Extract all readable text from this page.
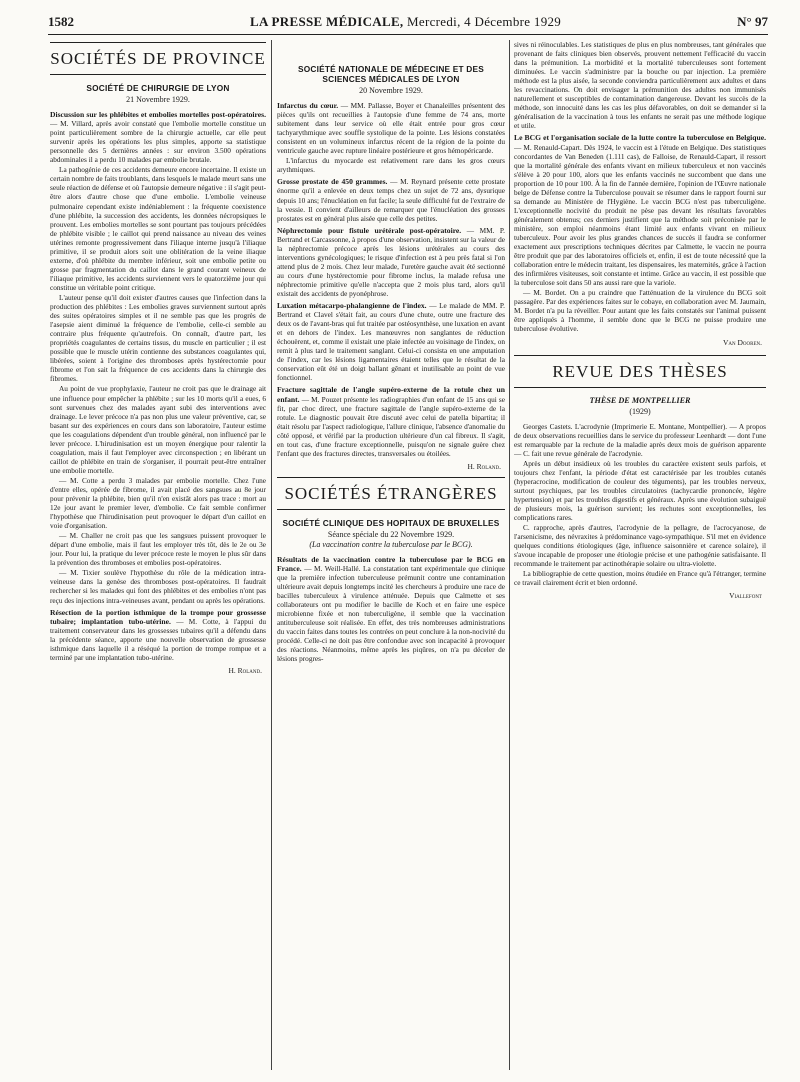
1582	LA PRESSE MÉDICALE, Mercredi, 4 Décembre 1929	N° 97
SOCIÉTÉS DE PROVINCE
SOCIÉTÉ DE CHIRURGIE DE LYON
21 Novembre 1929.

Discussion sur les phlébites et embolies mortelles post-opératoires. — M. Villard, après avoir constaté que l'embolie mortelle constitue un point particulièrement sombre de la chirurgie actuelle, car elle peut survenir après les opérations les plus simples, apporte sa statistique personnelle des 5 dernières années : sur environ 3.500 opérations abdominales il a perdu 10 malades par embolie brutale.

La pathogénie de ces accidents demeure encore incertaine. Il existe un certain nombre de faits troublants, dans lesquels le malade meurt sans une seule réaction de défense et où l'autopsie demeure négative : il s'agit peut-être alors d'autre chose que d'une embolie. L'embolie veineuse pulmonaire cependant existe indéniablement : la fréquente coexistence d'une phlébite, la succession des accidents, les données nécropsiques le prouvent. Les embolies mortelles se sont pourtant pas toujours précédées de phlébite visible ; le caillot qui prend naissance au niveau des veines utérines remonte progressivement dans l'iliaque interne jusqu'à l'iliaque primitive, il se produit alors soit une oblitération de la veine iliaque externe, d'où phlébite du membre inférieur, soit une embolie petite ou grosse par fragmentation du caillot dans le grand courant veineux de l'iliaque primitive, les accidents surviennent vers le quatorzième jour qui constitue un véritable point critique.

L'auteur pense qu'il doit exister d'autres causes que l'infection dans la production des phlébites : Les embolies graves surviennent surtout après des suites opératoires simples et il ne semble pas que les progrès de l'asepsie aient diminué la fréquence de l'embolie, celle-ci semble au contraire plus fréquente qu'autrefois. On connaît, d'autre part, les propriétés coagulantes de certains tissus, du muscle en particulier ; il est possible que le muscle utérin contienne des substances coagulantes qui, libérées, soient à l'origine des thromboses après hystérectomie pour fibrome et l'on sait la fréquence de ces accidents dans la chirurgie des fibromes.

Au point de vue prophylaxie, l'auteur ne croit pas que le drainage ait une influence pour empêcher la phlébite ; sur les 10 morts qu'il a eues, 6 sont survenues chez des malades ayant subi des interventions avec drainage. Le lever précoce n'a pas non plus une valeur préventive, car, se basant sur des expériences en cours dans son laboratoire, l'auteur estime que les coagulations dépendent d'un trouble général, non influencé par le lever précoce. L'hirudinisation est un moyen énergique pour ralentir la coagulation, mais il faut l'employer avec circonspection ; en libérant un caillot de phlébite en train de s'organiser, il pourrait peut-être entraîner une embolie mortelle.

— M. Cotte a perdu 3 malades par embolie mortelle. Chez l'une d'entre elles, opérée de fibrome, il avait placé des sangsues au 8e jour pour prévenir la phlébite, bien qu'il n'en existât alors pas trace : mort au 12e jour avant le premier lever, d'embolie. Ce fait semble confirmer l'hypothèse que l'hirudinisation peut provoquer le départ d'un caillot en voie d'organisation.

— M. Challer ne croit pas que les sangsues puissent provoquer le départ d'une embolie, mais il faut les employer très tôt, dès le 2e ou 3e jour. Pour lui, la pratique du lever précoce reste le moyen le plus sûr dans la prévention des thromboses et embolies post-opératoires.

— M. Tixier soulève l'hypothèse du rôle de la médication intra-veineuse dans la genèse des thromboses post-opératoires. Il faudrait rechercher si les malades qui font des phlébites et des embolies n'ont pas reçu des injections intra-veineuses avant, pendant ou après les opérations.

Résection de la portion isthmique de la trompe pour grossesse tubaire; implantation tubo-utérine. — M. Cotte, à l'appui du traitement conservateur dans les grossesses tubaires qu'il a défendu dans la précédente séance, apporte une nouvelle observation de grossesse isthmique dans laquelle il a réséqué la portion de trompe rompue et a terminé par une implantation tubo-utérine.

H. Roland.
SOCIÉTÉ NATIONALE DE MÉDECINE ET DES SCIENCES MÉDICALES DE LYON
20 Novembre 1929.

Infarctus du cœur. — MM. Pallasse, Boyer et Chanaleilles présentent des pièces qu'ils ont recueillies à l'autopsie d'une femme de 74 ans, morte subitement dans leur service où elle était entrée pour gros cœur tachyarythmique avec souffle systolique de la pointe. Les lésions constatées consistent en un volumineux infarctus récent de la région de la pointe du ventricule gauche avec rupture linéaire postérieure et gros hémopéricarde.

L'infarctus du myocarde est relativement rare dans les gros cœurs arythmiques.

Grosse prostate de 450 grammes. — M. Reynard présente cette prostate énorme qu'il a enlevée en deux temps chez un sujet de 72 ans, dysurique depuis 10 ans; l'énucléation en fut facile; la seule difficulté fut de l'extraire de la vessie. Il convient d'ailleurs de remarquer que l'énucléation des grosses prostates est en général plus aisée que celle des petites.

Néphrectomie pour fistule urétérale post-opératoire. — MM. P. Bertrand et Carcassonne, à propos d'une observation, insistent sur la valeur de la néphrectomie précoce après les lésions urétérales au cours des interventions gynécologiques; le risque d'infection est à peu près fatal si l'on attend plus de 2 mois. Chez leur malade, l'uretère gauche avait été sectionné au cours d'une hystérectomie pour fibrome inclus, la malade refusa une néphrectomie primitive qu'elle n'accepta que 2 mois plus tard, alors qu'il existait des accidents de pyonéphrose.

Luxation métacarpo-phalangienne de l'index. — Le malade de MM. P. Bertrand et Clavel s'était fait, au cours d'une chute, outre une fracture des deux os de l'avant-bras qui fut traitée par ostéosynthèse, une luxation en avant et en dehors de l'index. Les manœuvres non sanglantes de réduction échouèrent, et, comme il existait une plaie infectée au voisinage de l'index, on remit à plus tard le traitement sanglant. Celui-ci consista en une amputation de l'index, car les lésions ligamentaires étaient telles que le résultat de la conservation eût été un doigt ballant gênant et inutilisable au point de vue fonctionnel.

Fracture sagittale de l'angle supéro-externe de la rotule chez un enfant. — M. Pouzet présente les radiographies d'un enfant de 15 ans qui se fit, par choc direct, une fracture sagittale de l'angle supéro-externe de la rotule. Le diagnostic pouvait être discuté avec celui de patella bipartita; il était résolu par l'aspect radiologique, l'allure clinique, l'absence d'anomalie du côté opposé, et vérifié par la production ultérieure d'un cal fibreux. Il s'agit, en tout cas, d'une fracture exceptionnelle, puisqu'on ne signale guère chez l'enfant que des fractures directes, transversales ou étoilées.

H. Roland.
SOCIÉTÉS ÉTRANGÈRES
SOCIÉTÉ CLINIQUE DES HOPITAUX DE BRUXELLES
Séance spéciale du 22 Novembre 1929.
(La vaccination contre la tuberculose par le BCG).

Résultats de la vaccination contre la tuberculose par le BCG en France. — M. Weill-Hallé. La constatation tant expérimentale que clinique que la première infection tuberculeuse prémunit contre une contamination ultérieure avait depuis longtemps incité les chercheurs à produire une race de bacilles tuberculeux à virulence atténuée. Depuis que Calmette et ses collaborateurs ont pu modifier le bacille de Koch et en faire une espèce microbienne fixée et non tuberculigène, il semble que la vaccination antituberculeuse soit réalisée. En effet, des très nombreuses administrations du vaccin faites dans toutes les contrées on peut conclure à la non-nocivité du procédé. Celle-ci ne doit pas être confondue avec son incapacité à provoquer des réactions. Néanmoins, même après les piqûres, on n'a pu déceler de lésions progres-

sives ni réinoculables. Les statistiques de plus en plus nombreuses, tant générales que provenant de faits cliniques bien observés, prouvent nettement l'efficacité du vaccin dans la prémunition. La morbidité et la mortalité tuberculeuses sont fortement diminuées. Le vaccin s'administre par la bouche ou par injection. La première méthode est la plus aisée, la seconde conviendra particulièrement aux adultes et dans les revaccinations. On doit envisager la prémunition des adultes non immunisés naturellement et susceptibles de contamination dangereuse. Devant les succès de la méthode, son innocuité dans les cas les plus défavorables, on doit se demander si la généralisation de la vaccination à tous les enfants ne serait pas une méthode logique et utile.

Le BCG et l'organisation sociale de la lutte contre la tuberculose en Belgique. — M. Renauld-Capart. Dès 1924, le vaccin est à l'étude en Belgique. Des statistiques concordantes de Van Beneden (1.111 cas), de Falloise, de Renauld-Capart, il ressort que la mortalité générale des enfants vivant en milieux tuberculeux et non vaccinés s'élève à 20 pour 100, alors que les enfants vaccinés ne succombent que dans une proportion de 10 pour 100. À la fin de l'année dernière, l'opinion de l'Œuvre nationale belge de Défense contre la Tuberculose pouvait se résumer dans le rapport fourni sur sa demande au Ministère de l'Hygiène. Le vaccin BCG n'est pas tuberculigène. L'exceptionnelle nocivité du produit ne pèse pas devant les résultats favorables généralement obtenus; ces derniers justifient que la méthode soit préconisée par le ministère, son emploi néanmoins étant limité aux enfants vivant en milieux tuberculeux. Pour avoir les plus grandes chances de succès il faudra se conformer exactement aux prescriptions techniques décrites par Calmette, le vaccin ne pourra être produit que par des laboratoires officiels et, enfin, il est de toute nécessité que la collaboration entre le médecin traitant, les dispensaires, les maternités, grâce à l'action des infirmières visiteuses, soit constante et intime. Grâce au vaccin, il est possible que la tuberculose soit dans 50 ans aussi rare que la variole.

— M. Bordet. On a pu craindre que l'atténuation de la virulence du BCG soit passagère. Par des expériences faites sur le cobaye, en collaboration avec M. Jaumain, M. Bordet n'a pu la réveiller. Pour autant que les faits constatés sur l'animal puissent être appliqués à l'homme, il semble donc que le BCG ne puisse produire une tuberculose évolutive.

Van Dooren.
REVUE DES THÈSES
THÈSE DE MONTPELLIER
(1929)

Georges Castets. L'acrodynie (Imprimerie E. Montane, Montpellier). — A propos de deux observations recueillies dans le service du professeur Leenhardt — dont l'une est remarquable par la rechute de la maladie après deux mois de guérison apparente — C. fait une revue générale de l'acrodynie.

Après un début insidieux où les troubles du caractère existent seuls parfois, et toujours chez l'enfant, la période d'état est caractérisée par les troubles cutanés (hyperacrocine, modification de couleur des téguments), par les troubles nerveux, surtout psychiques, par les troubles circulatoires (tachycardie prononcée, légère hypertension) et par les troubles digestifs et généraux. Après une évolution subaiguë de plusieurs mois, la guérison survient; les rechutes sont exceptionnelles, les complications rares.

C. rapproche, après d'autres, l'acrodynie de la pellagre, de l'acrocyanose, de l'arsenicisme, des névraxites à prédominance vago-sympathique. S'il met en évidence quelques conditions étiologiques (âge, influence saisonnière et carence solaire), il s'avoue incapable de proposer une étiologie précise et une pathogénie satisfaisante. Il recommande le traitement par actinothérapie solaire ou ultra-violette.

La bibliographie de cette question, moins étudiée en France qu'à l'étranger, termine ce travail clairement écrit et bien ordonné.

Viallefont
